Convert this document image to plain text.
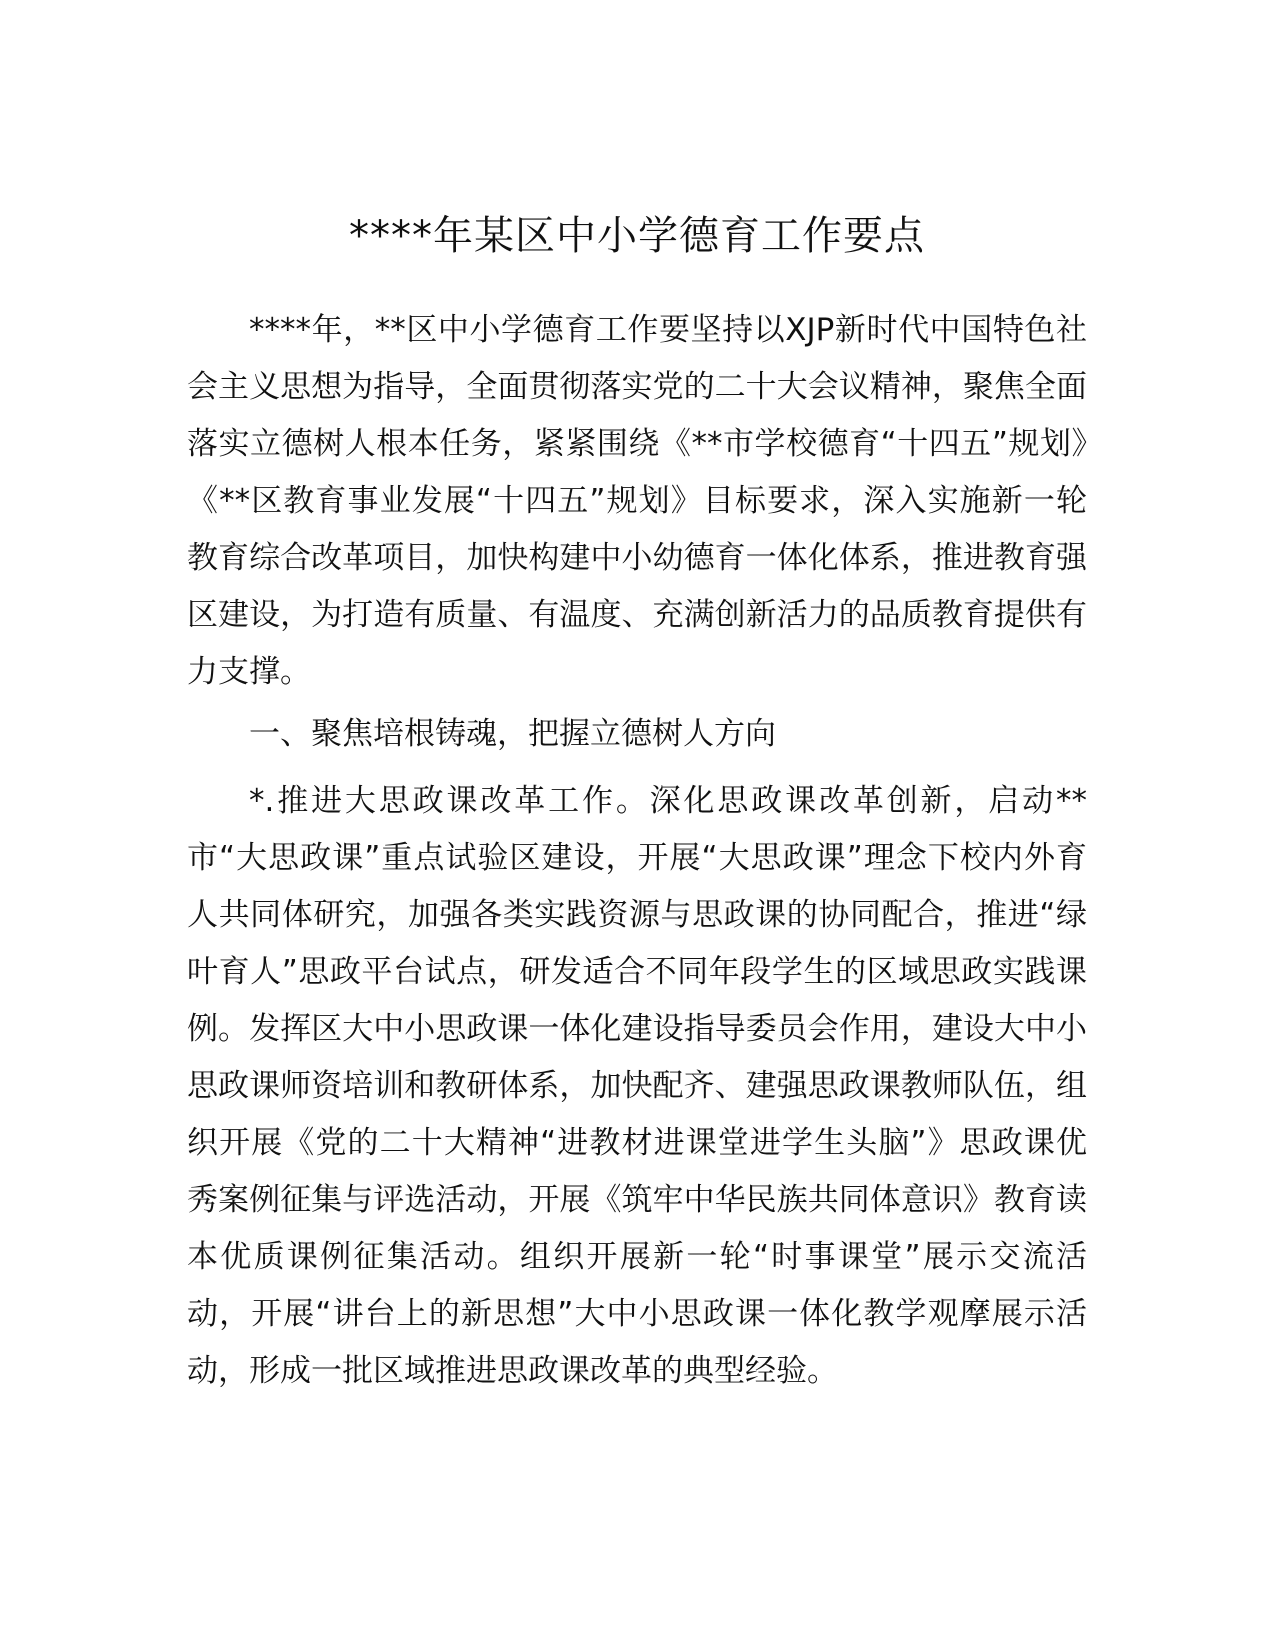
****年某区中小学德育工作要点

****年，**区中小学德育工作要坚持以XJP新时代中国特色社会主义思想为指导，全面贯彻落实党的二十大会议精神，聚焦全面落实立德树人根本任务，紧紧围绕《**市学校德育“十四五”规划》《**区教育事业发展“十四五”规划》目标要求，深入实施新一轮教育综合改革项目，加快构建中小幼德育一体化体系，推进教育强区建设，为打造有质量、有温度、充满创新活力的品质教育提供有力支撑。

一、聚焦培根铸魂，把握立德树人方向

*.推进大思政课改革工作。深化思政课改革创新，启动**市“大思政课”重点试验区建设，开展“大思政课”理念下校内外育人共同体研究，加强各类实践资源与思政课的协同配合，推进“绿叶育人”思政平台试点，研发适合不同年段学生的区域思政实践课例。发挥区大中小思政课一体化建设指导委员会作用，建设大中小思政课师资培训和教研体系，加快配齐、建强思政课教师队伍，组织开展《党的二十大精神“进教材进课堂进学生头脑”》思政课优秀案例征集与评选活动，开展《筑牢中华民族共同体意识》教育读本优质课例征集活动。组织开展新一轮“时事课堂”展示交流活动，开展“讲台上的新思想”大中小思政课一体化教学观摩展示活动，形成一批区域推进思政课改革的典型经验。
